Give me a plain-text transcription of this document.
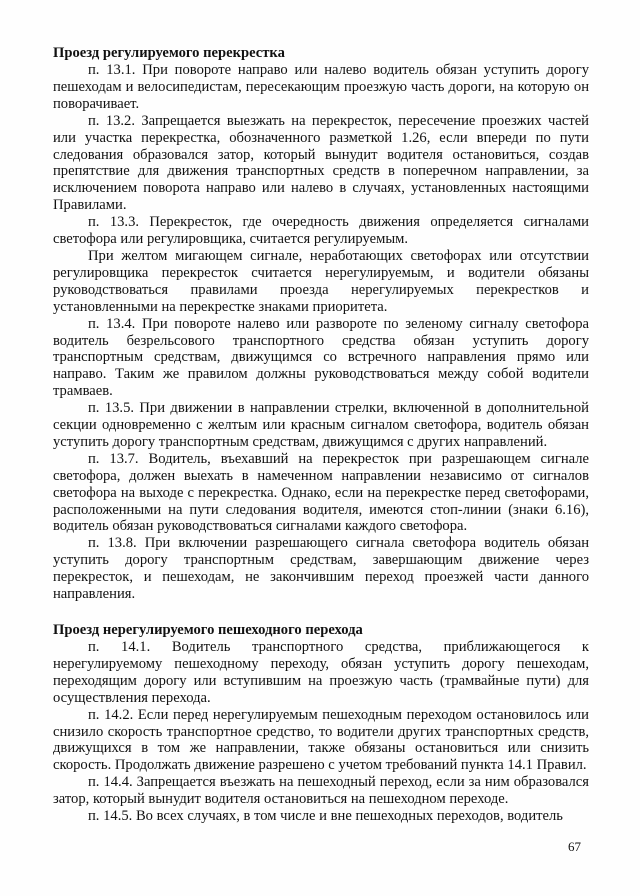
Проезд регулируемого перекрестка

п. 13.1. При повороте направо или налево водитель обязан уступить дорогу пешеходам и велосипедистам, пересекающим проезжую часть дороги, на которую он поворачивает.

п. 13.2. Запрещается выезжать на перекресток, пересечение проезжих частей или участка перекрестка, обозначенного разметкой 1.26, если впереди по пути следования образовался затор, который вынудит водителя остановиться, создав препятствие для движения транспортных средств в поперечном направлении, за исключением поворота направо или налево в случаях, установленных настоящими Правилами.

п. 13.3. Перекресток, где очередность движения определяется сигналами светофора или регулировщика, считается регулируемым.

При желтом мигающем сигнале, неработающих светофорах или отсутствии регулировщика перекресток считается нерегулируемым, и водители обязаны руководствоваться правилами проезда нерегулируемых перекрестков и установленными на перекрестке знаками приоритета.

п. 13.4. При повороте налево или развороте по зеленому сигналу светофора водитель безрельсового транспортного средства обязан уступить дорогу транспортным средствам, движущимся со встречного направления прямо или направо. Таким же правилом должны руководствоваться между собой водители трамваев.

п. 13.5. При движении в направлении стрелки, включенной в дополнительной секции одновременно с желтым или красным сигналом светофора, водитель обязан уступить дорогу транспортным средствам, движущимся с других направлений.

п. 13.7. Водитель, въехавший на перекресток при разрешающем сигнале светофора, должен выехать в намеченном направлении независимо от сигналов светофора на выходе с перекрестка. Однако, если на перекрестке перед светофорами, расположенными на пути следования водителя, имеются стоп-линии (знаки 6.16), водитель обязан руководствоваться сигналами каждого светофора.

п. 13.8. При включении разрешающего сигнала светофора водитель обязан уступить дорогу транспортным средствам, завершающим движение через перекресток, и пешеходам, не закончившим переход проезжей части данного направления.

Проезд нерегулируемого пешеходного перехода

п. 14.1. Водитель транспортного средства, приближающегося к нерегулируемому пешеходному переходу, обязан уступить дорогу пешеходам, переходящим дорогу или вступившим на проезжую часть (трамвайные пути) для осуществления перехода.

п. 14.2. Если перед нерегулируемым пешеходным переходом остановилось или снизило скорость транспортное средство, то водители других транспортных средств, движущихся в том же направлении, также обязаны остановиться или снизить скорость. Продолжать движение разрешено с учетом требований пункта 14.1 Правил.

п. 14.4. Запрещается въезжать на пешеходный переход, если за ним образовался затор, который вынудит водителя остановиться на пешеходном переходе.

п. 14.5. Во всех случаях, в том числе и вне пешеходных переходов, водитель

67
